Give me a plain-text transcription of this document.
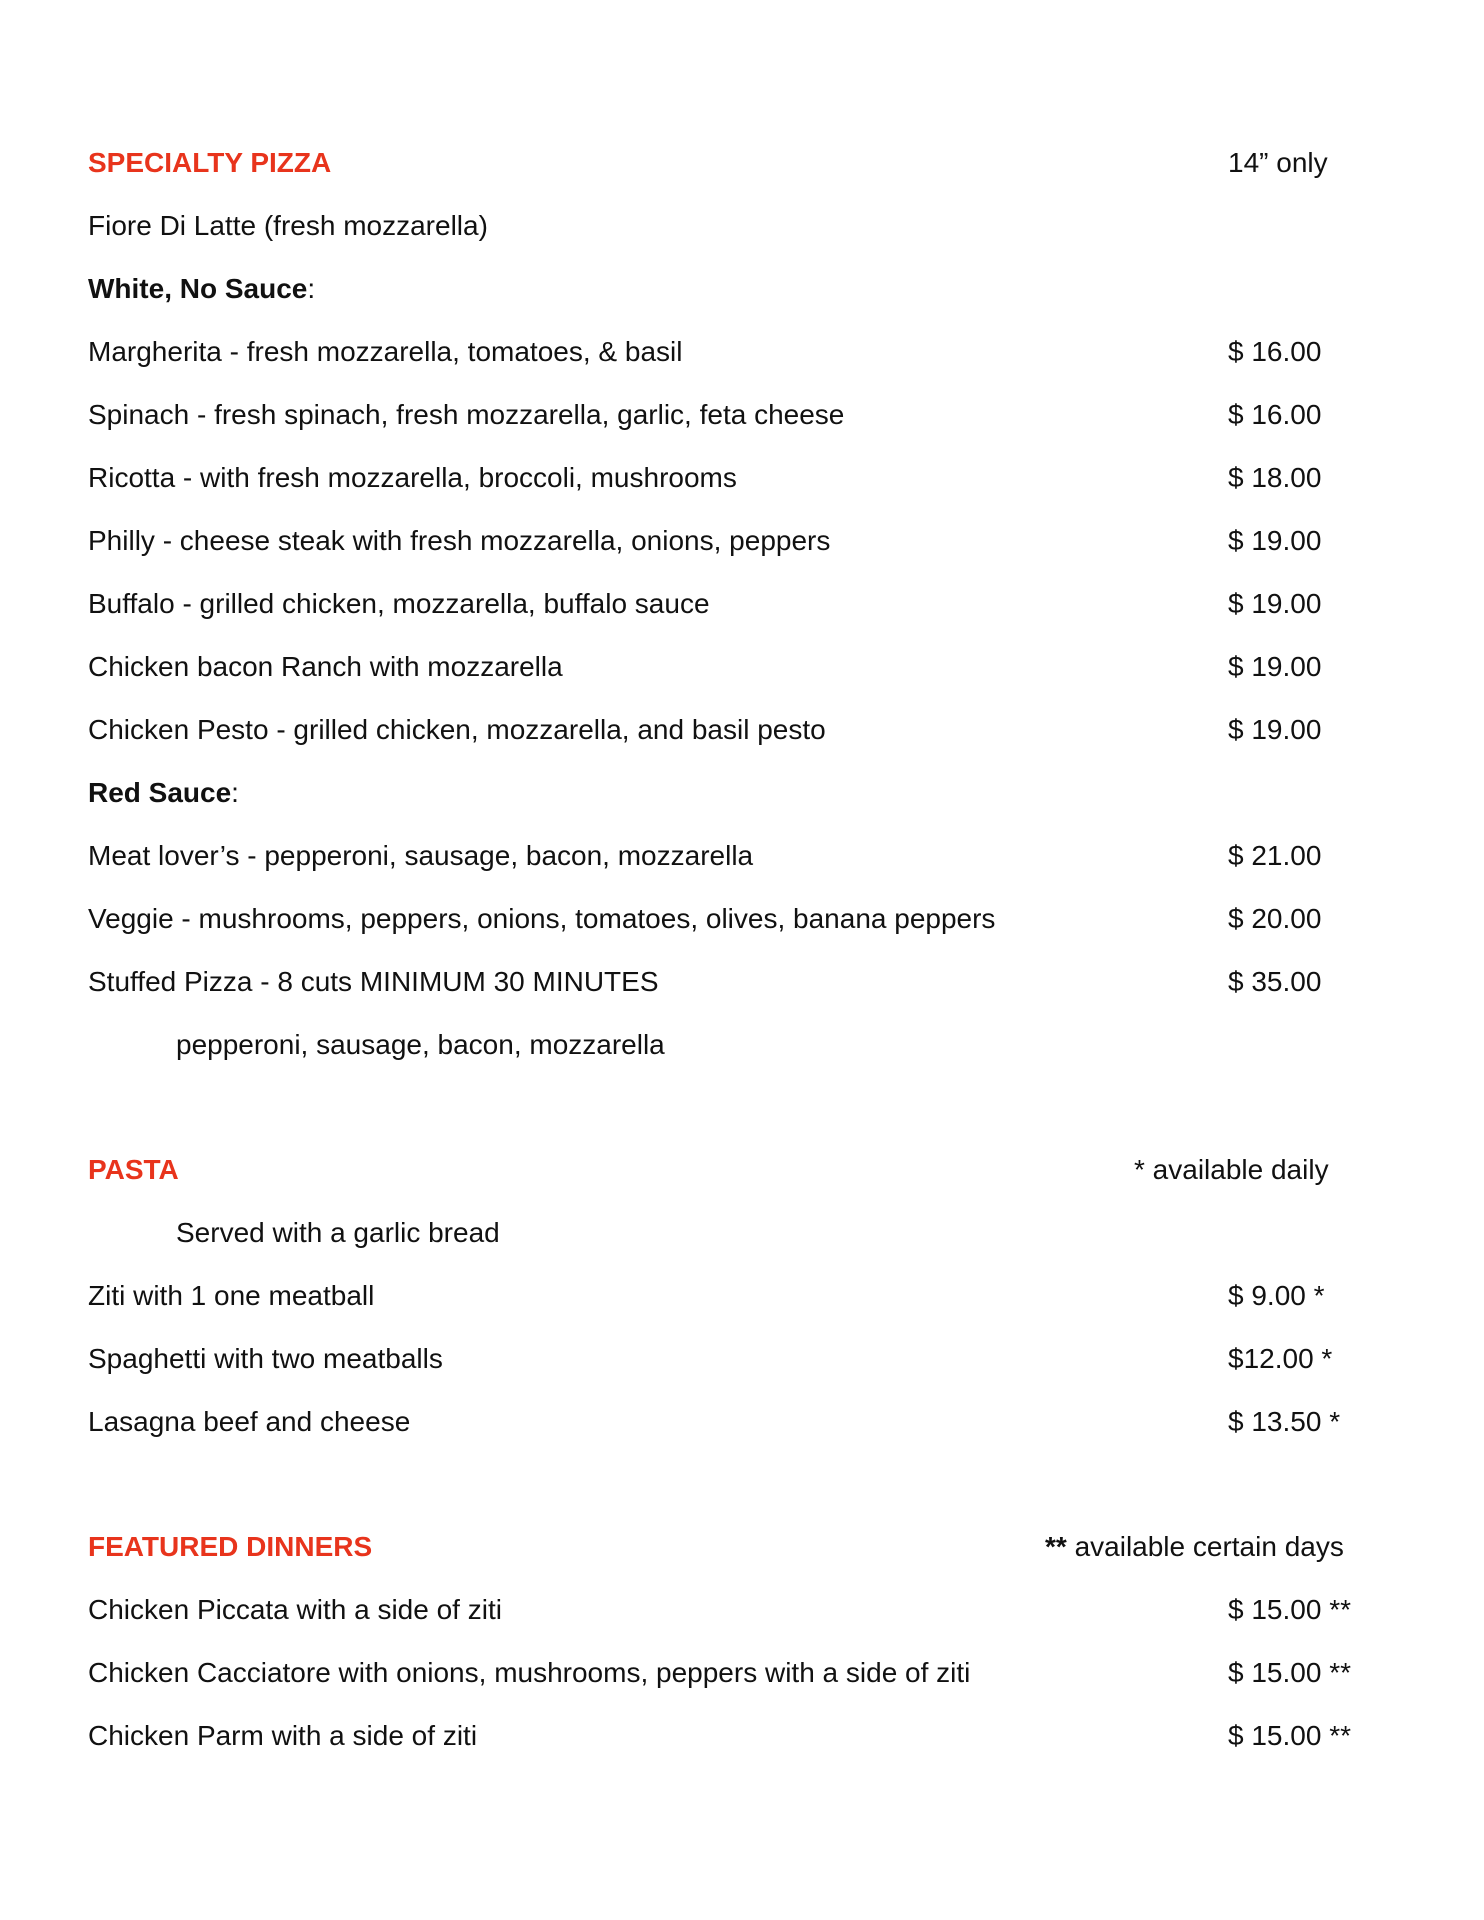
SPECIALTY PIZZA	14” only
Fiore Di Latte (fresh mozzarella)
White, No Sauce:
Margherita - fresh mozzarella, tomatoes, & basil	$ 16.00
Spinach - fresh spinach, fresh mozzarella, garlic, feta cheese	$ 16.00
Ricotta - with fresh mozzarella, broccoli, mushrooms	$ 18.00
Philly - cheese steak with fresh mozzarella, onions, peppers	$ 19.00
Buffalo - grilled chicken, mozzarella, buffalo sauce	$ 19.00
Chicken bacon Ranch with mozzarella	$ 19.00
Chicken Pesto - grilled chicken, mozzarella, and basil pesto	$ 19.00
Red Sauce:
Meat lover’s - pepperoni, sausage, bacon, mozzarella	$ 21.00
Veggie - mushrooms, peppers, onions, tomatoes, olives, banana peppers	$ 20.00
Stuffed Pizza - 8 cuts MINIMUM 30 MINUTES	$ 35.00
pepperoni, sausage, bacon, mozzarella
PASTA	* available daily
Served with a garlic bread
Ziti with 1 one meatball	$ 9.00 *
Spaghetti with two meatballs	$12.00 *
Lasagna beef and cheese	$ 13.50 *
FEATURED DINNERS	** available certain days
Chicken Piccata with a side of ziti	$ 15.00 **
Chicken Cacciatore with onions, mushrooms, peppers with a side of ziti	$ 15.00 **
Chicken Parm with a side of ziti	$ 15.00 **
